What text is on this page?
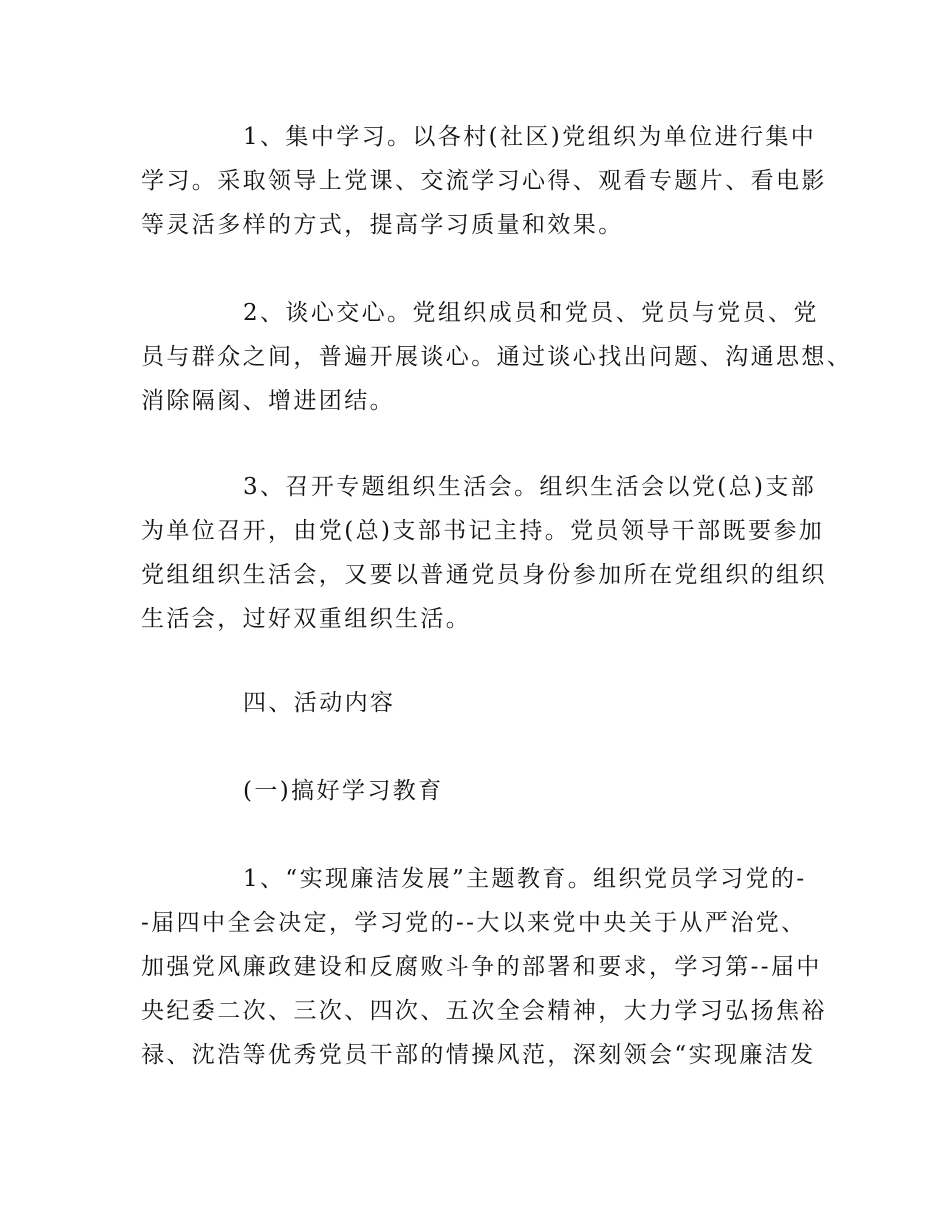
1、集中学习。以各村(社区)党组织为单位进行集中
学习。采取领导上党课、交流学习心得、观看专题片、看电影
等灵活多样的方式，提高学习质量和效果。
2、谈心交心。党组织成员和党员、党员与党员、党
员与群众之间，普遍开展谈心。通过谈心找出问题、沟通思想、
消除隔阂、增进团结。
3、召开专题组织生活会。组织生活会以党(总)支部
为单位召开，由党(总)支部书记主持。党员领导干部既要参加
党组组织生活会，又要以普通党员身份参加所在党组织的组织
生活会，过好双重组织生活。
四、活动内容
(一)搞好学习教育
1、“实现廉洁发展”主题教育。组织党员学习党的-
-届四中全会决定，学习党的--大以来党中央关于从严治党、
加强党风廉政建设和反腐败斗争的部署和要求，学习第--届中
央纪委二次、三次、四次、五次全会精神，大力学习弘扬焦裕
禄、沈浩等优秀党员干部的情操风范，深刻领会“实现廉洁发
